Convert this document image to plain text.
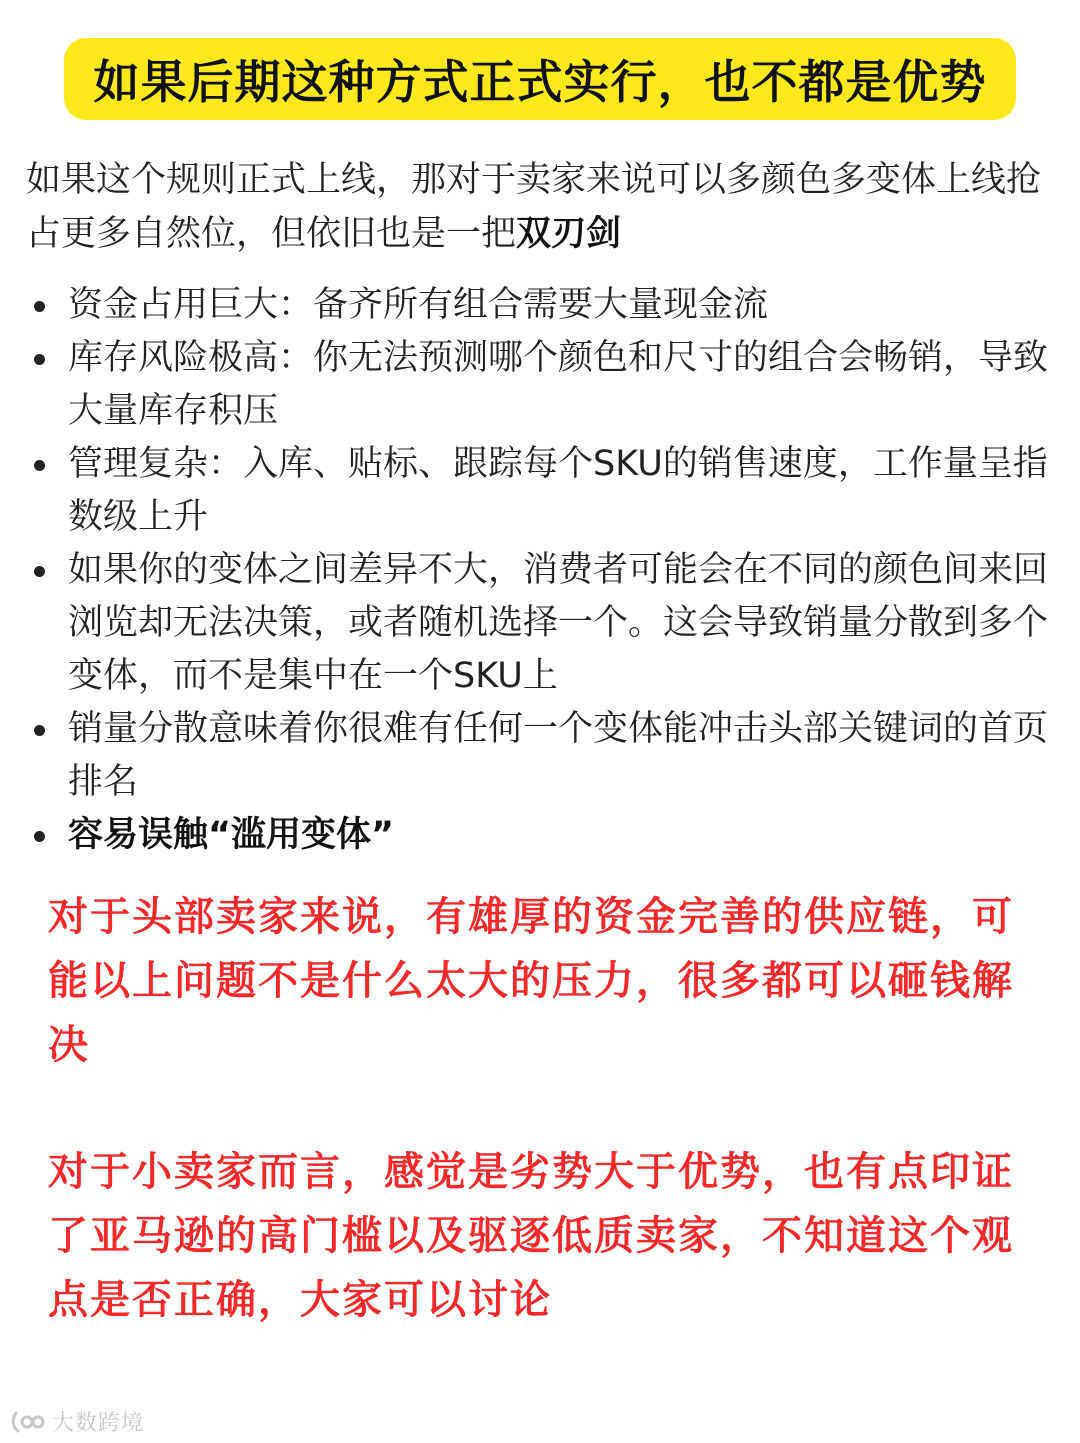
如果后期这种方式正式实行，也不都是优势
如果这个规则正式上线，那对于卖家来说可以多颜色多变体上线抢占更多自然位，但依旧也是一把双刃剑
资金占用巨大：备齐所有组合需要大量现金流
库存风险极高：你无法预测哪个颜色和尺寸的组合会畅销，导致大量库存积压
管理复杂：入库、贴标、跟踪每个SKU的销售速度，工作量呈指数级上升
如果你的变体之间差异不大，消费者可能会在不同的颜色间来回浏览却无法决策，或者随机选择一个。这会导致销量分散到多个变体，而不是集中在一个SKU上
销量分散意味着你很难有任何一个变体能冲击头部关键词的首页排名
容易误触“滥用变体”
对于头部卖家来说，有雄厚的资金完善的供应链，可能以上问题不是什么太大的压力，很多都可以砸钱解决
对于小卖家而言，感觉是劣势大于优势，也有点印证了亚马逊的高门槛以及驱逐低质卖家，不知道这个观点是否正确，大家可以讨论
大数跨境
